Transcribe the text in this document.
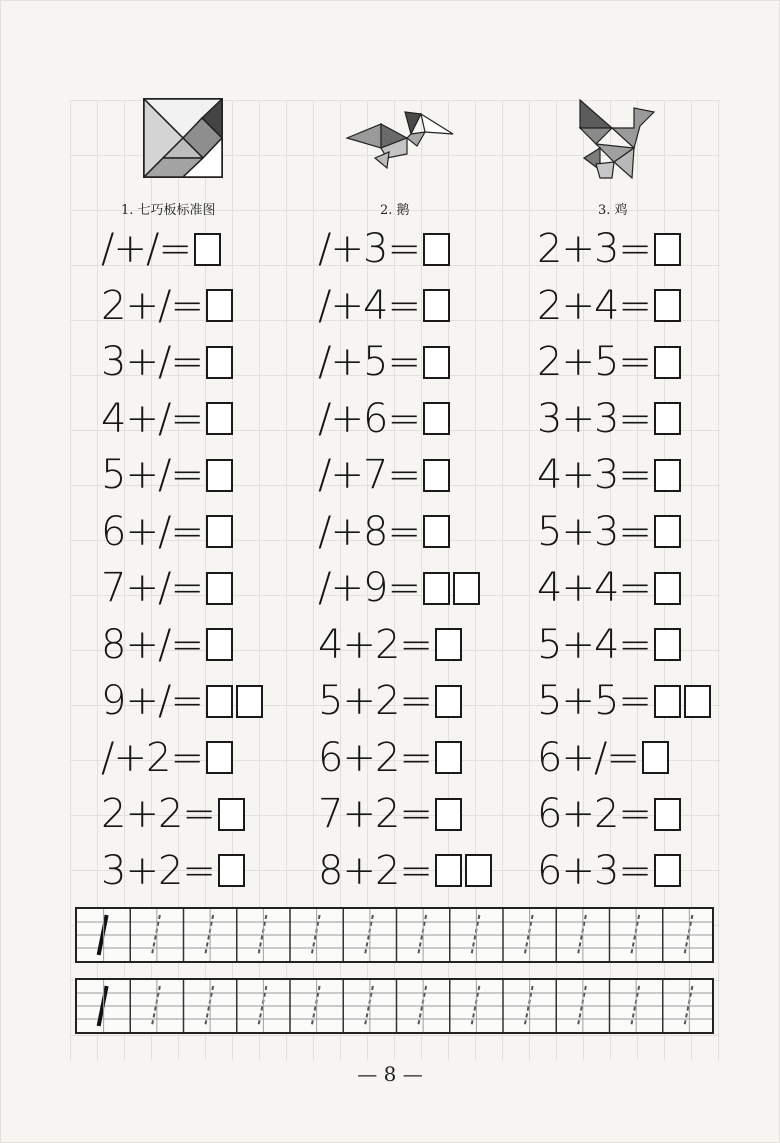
1. 七巧板标准图	2. 鹅	3. 鸡
/+/=
2+/=
3+/=
4+/=
5+/=
6+/=
7+/=
8+/=
9+/=
/+2=
2+2=
3+2=
/+3=
/+4=
/+5=
/+6=
/+7=
/+8=
/+9=
4+2=
5+2=
6+2=
7+2=
8+2=
2+3=
2+4=
2+5=
3+3=
4+3=
5+3=
4+4=
5+4=
5+5=
6+/=
6+2=
6+3=
— 8 —
